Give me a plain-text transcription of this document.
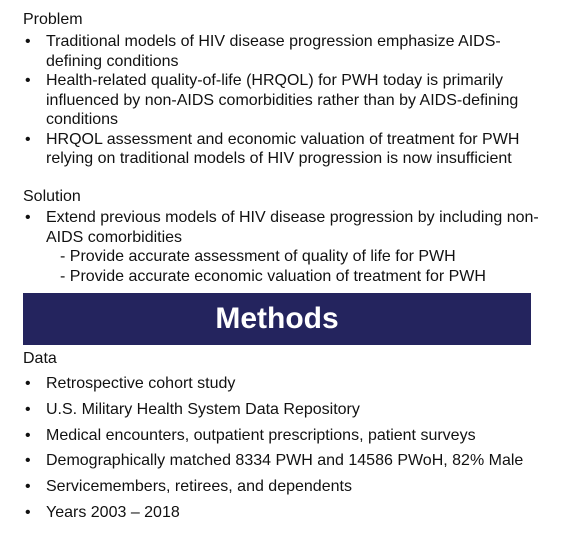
Problem
• Traditional models of HIV disease progression emphasize AIDS-defining conditions
• Health-related quality-of-life (HRQOL) for PWH today is primarily influenced by non-AIDS comorbidities rather than by AIDS-defining conditions
• HRQOL assessment and economic valuation of treatment for PWH relying on traditional models of HIV progression is now insufficient
Solution
• Extend previous models of HIV disease progression by including non-AIDS comorbidities
- Provide accurate assessment of quality of life for PWH
- Provide accurate economic valuation of treatment for PWH
Methods
Data
• Retrospective cohort study
• U.S. Military Health System Data Repository
• Medical encounters, outpatient prescriptions, patient surveys
• Demographically matched 8334 PWH and 14586 PWoH, 82% Male
• Servicemembers, retirees, and dependents
• Years 2003 – 2018
